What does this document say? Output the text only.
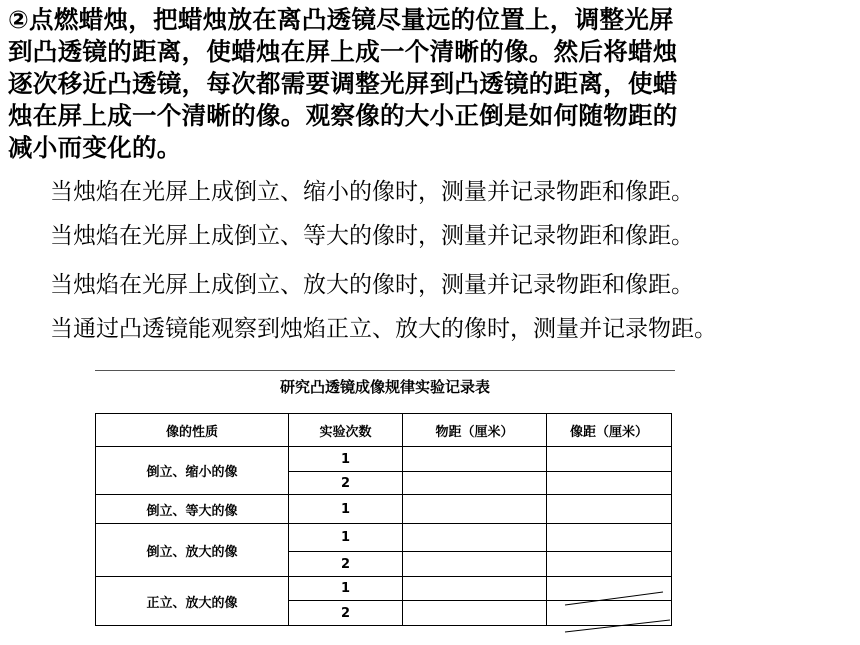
②点燃蜡烛，把蜡烛放在离凸透镜尽量远的位置上，调整光屏
到凸透镜的距离，使蜡烛在屏上成一个清晰的像。然后将蜡烛
逐次移近凸透镜，每次都需要调整光屏到凸透镜的距离，使蜡
烛在屏上成一个清晰的像。观察像的大小正倒是如何随物距的
减小而变化的。
当烛焰在光屏上成倒立、缩小的像时，测量并记录物距和像距。
当烛焰在光屏上成倒立、等大的像时，测量并记录物距和像距。
当烛焰在光屏上成倒立、放大的像时，测量并记录物距和像距。
当通过凸透镜能观察到烛焰正立、放大的像时，测量并记录物距。
研究凸透镜成像规律实验记录表
像的性质	实验次数	物距（厘米）	像距（厘米）
倒立、缩小的像	1		
	2		
倒立、等大的像	1		
倒立、放大的像	1		
	2		
正立、放大的像	1		
	2		
